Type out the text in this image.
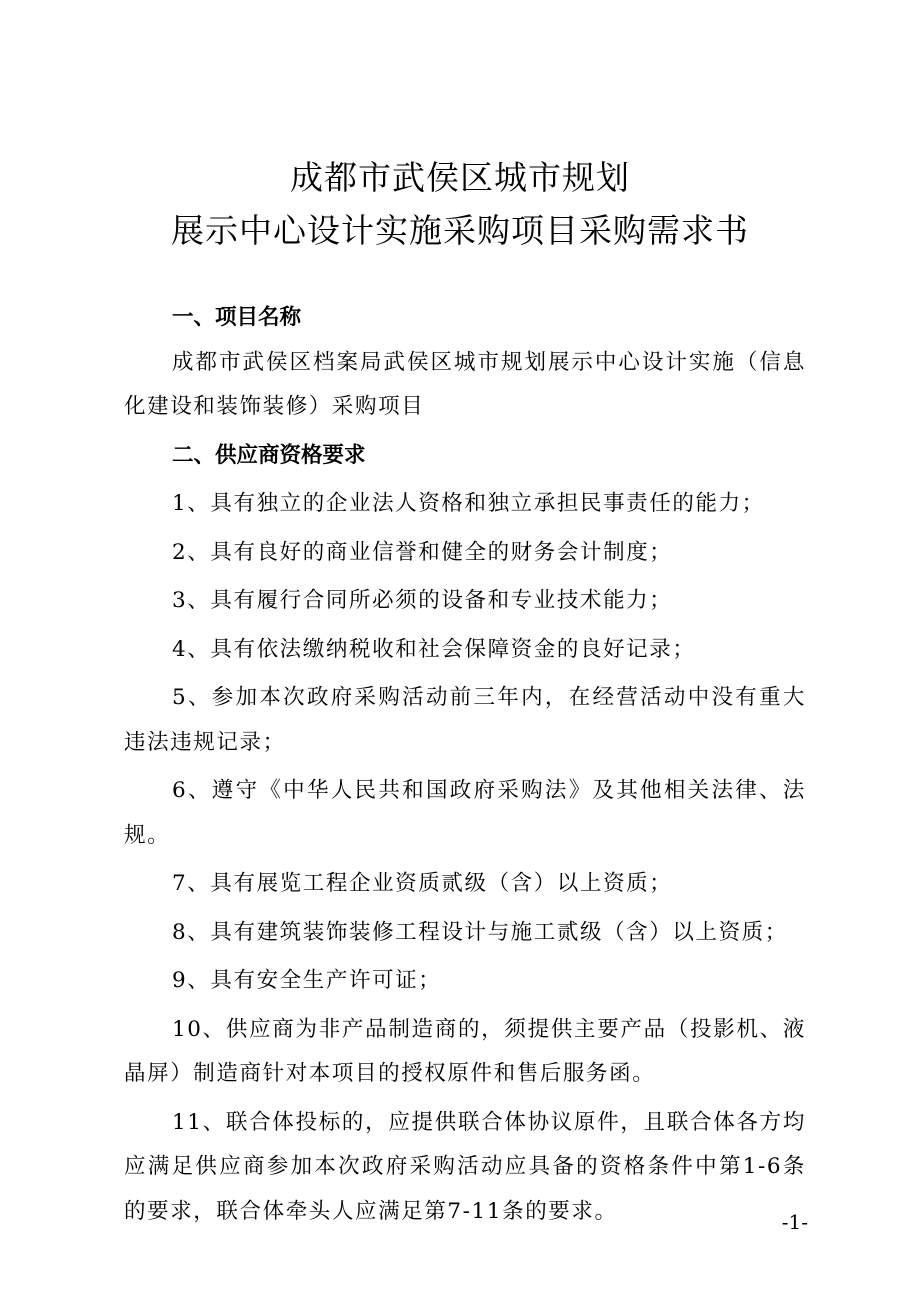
成都市武侯区城市规划
展示中心设计实施采购项目采购需求书
一、项目名称

成都市武侯区档案局武侯区城市规划展示中心设计实施（信息化建设和装饰装修）采购项目

二、供应商资格要求

1、具有独立的企业法人资格和独立承担民事责任的能力；

2、具有良好的商业信誉和健全的财务会计制度；

3、具有履行合同所必须的设备和专业技术能力；

4、具有依法缴纳税收和社会保障资金的良好记录；

5、参加本次政府采购活动前三年内，在经营活动中没有重大违法违规记录；

6、遵守《中华人民共和国政府采购法》及其他相关法律、法规。

7、具有展览工程企业资质贰级（含）以上资质；

8、具有建筑装饰装修工程设计与施工贰级（含）以上资质；

9、具有安全生产许可证；

10、供应商为非产品制造商的，须提供主要产品（投影机、液晶屏）制造商针对本项目的授权原件和售后服务函。

11、联合体投标的，应提供联合体协议原件，且联合体各方均应满足供应商参加本次政府采购活动应具备的资格条件中第1-6条的要求，联合体牵头人应满足第7-11条的要求。	-1-
